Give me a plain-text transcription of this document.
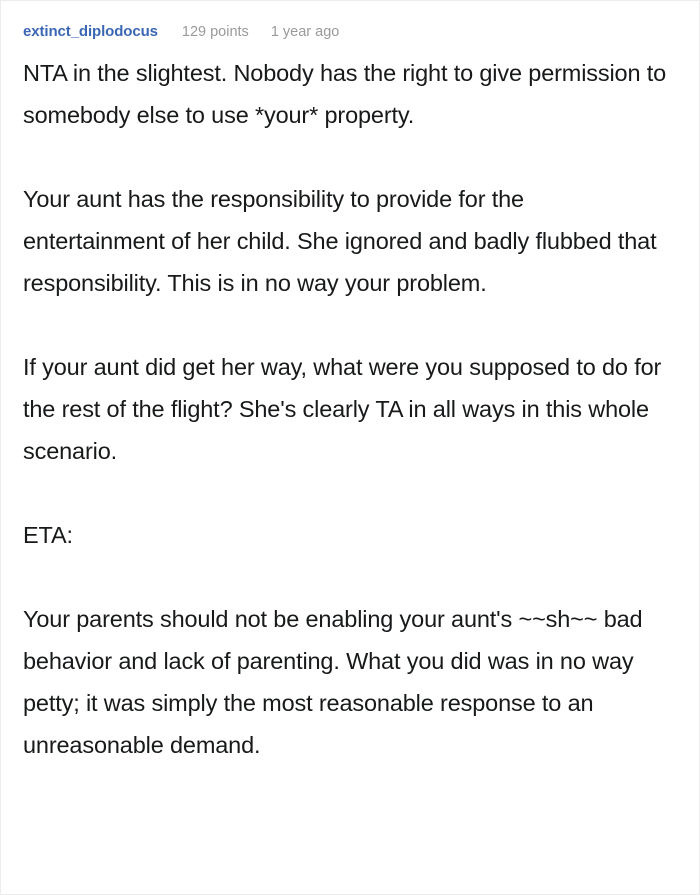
extinct_diplodocus 129 points 1 year ago

NTA in the slightest. Nobody has the right to give permission to somebody else to use *your* property.

Your aunt has the responsibility to provide for the entertainment of her child. She ignored and badly flubbed that responsibility. This is in no way your problem.

If your aunt did get her way, what were you supposed to do for the rest of the flight? She's clearly TA in all ways in this whole scenario.

ETA:

Your parents should not be enabling your aunt's ~~sh~~ bad behavior and lack of parenting. What you did was in no way petty; it was simply the most reasonable response to an unreasonable demand.
